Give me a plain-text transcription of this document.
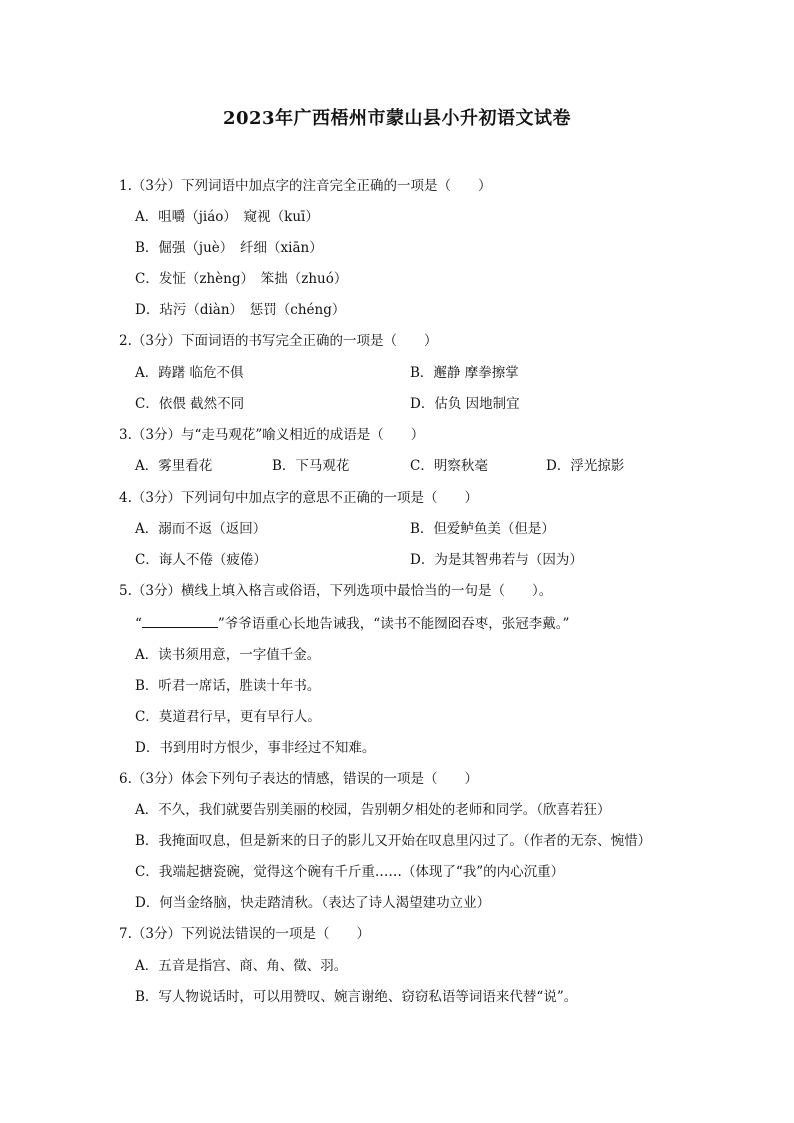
2023年广西梧州市蒙山县小升初语文试卷
1.（3分）下列词语中加点字的注音完全正确的一项是（　　）
A．咀嚼（jiáo）　窥视（kuī）
B．倔强（juè）　纤细（xiān）
C．发怔（zhèng）　笨拙（zhuó）
D．玷污（diàn）　惩罚（chéng）
2.（3分）下面词语的书写完全正确的一项是（　　）
A．踌躇 临危不俱	B．邂静 摩拳擦掌
C．依偎 截然不同	D．估负 因地制宜
3.（3分）与“走马观花”喻义相近的成语是（　　）
A．雾里看花	B．下马观花	C．明察秋毫	D．浮光掠影
4.（3分）下列词句中加点字的意思不正确的一项是（　　）
A．溺而不返（返回）	B．但爱鲈鱼美（但是）
C．诲人不倦（疲倦）	D．为是其智弗若与（因为）
5.（3分）横线上填入格言或俗语，下列选项中最恰当的一句是（　　）。
“	”爷爷语重心长地告诫我，“读书不能囫囵吞枣，张冠李戴。”
A．读书须用意，一字值千金。
B．听君一席话，胜读十年书。
C．莫道君行早，更有早行人。
D．书到用时方恨少，事非经过不知难。
6.（3分）体会下列句子表达的情感，错误的一项是（　　）
A．不久，我们就要告别美丽的校园，告别朝夕相处的老师和同学。（欣喜若狂）
B．我掩面叹息，但是新来的日子的影儿又开始在叹息里闪过了。（作者的无奈、惋惜）
C．我端起搪瓷碗，觉得这个碗有千斤重……（体现了“我”的内心沉重）
D．何当金络脑，快走踏清秋。（表达了诗人渴望建功立业）
7.（3分）下列说法错误的一项是（　　）
A．五音是指宫、商、角、徵、羽。
B．写人物说话时，可以用赞叹、婉言谢绝、窃窃私语等词语来代替“说”。
